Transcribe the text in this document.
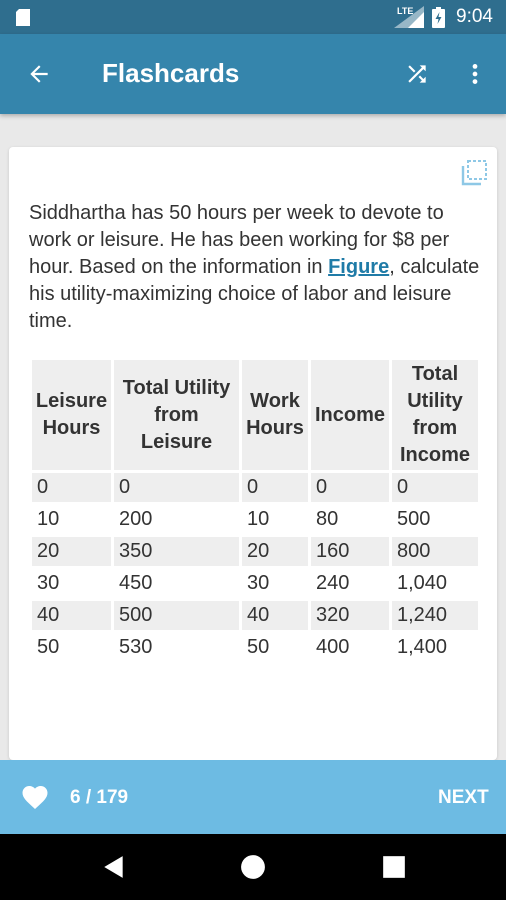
LTE 9:04
Flashcards

Siddhartha has 50 hours per week to devote to work or leisure. He has been working for $8 per hour. Based on the information in Figure, calculate his utility-maximizing choice of labor and leisure time.

Leisure Hours	Total Utility from Leisure	Work Hours	Income	Total Utility from Income
0	0	0	0	0
10	200	10	80	500
20	350	20	160	800
30	450	30	240	1,040
40	500	40	320	1,240
50	530	50	400	1,400
6 / 179	NEXT
